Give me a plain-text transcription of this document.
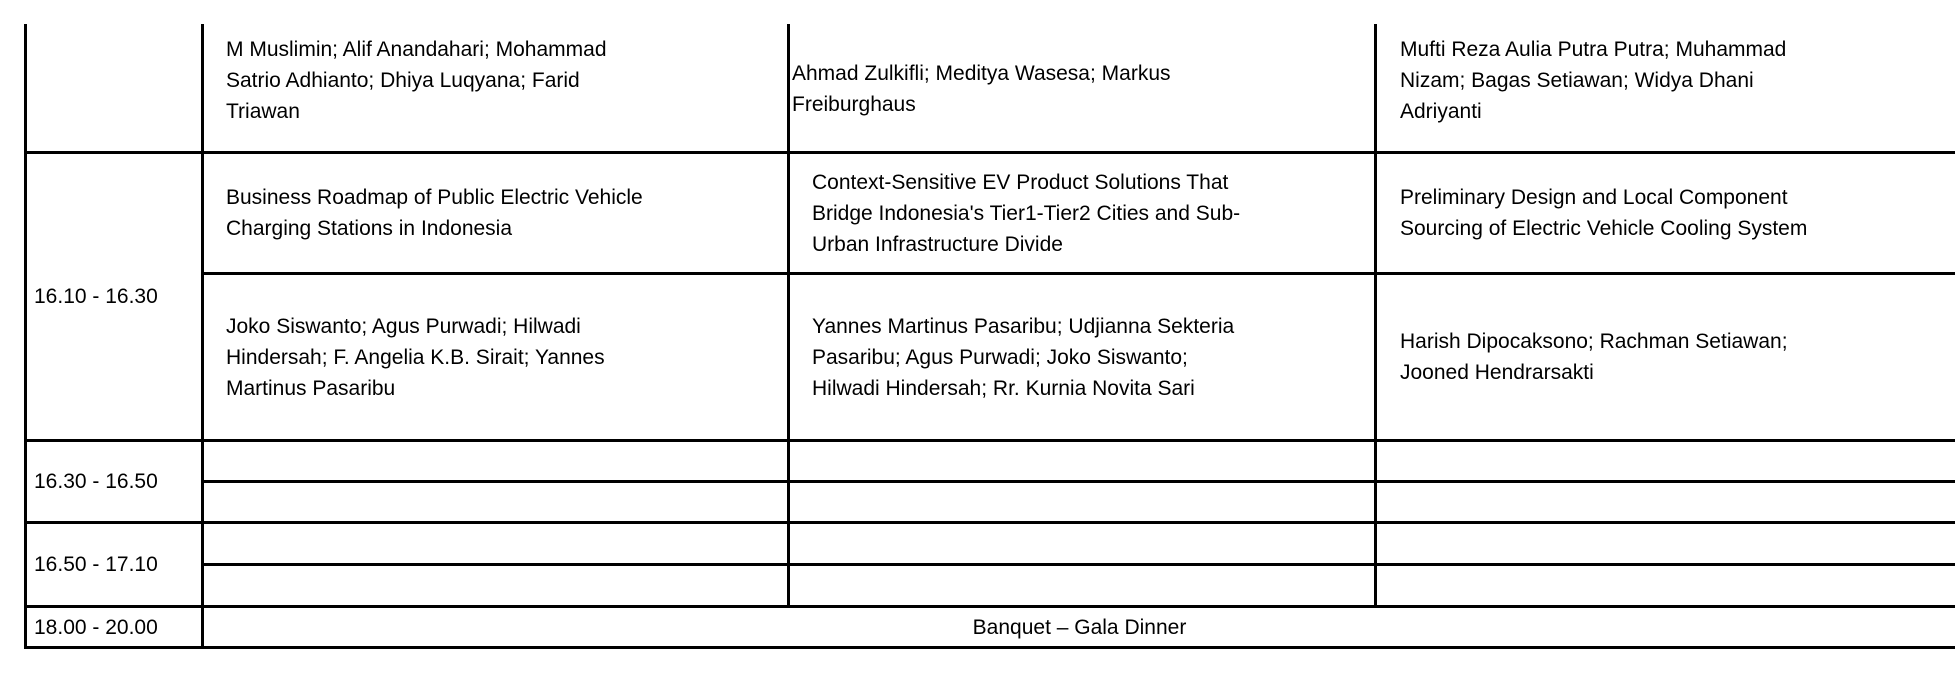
M Muslimin; Alif Anandahari; Mohammad
Satrio Adhianto; Dhiya Luqyana; Farid
Triawan
Ahmad Zulkifli; Meditya Wasesa; Markus
Freiburghaus
Mufti Reza Aulia Putra Putra; Muhammad
Nizam; Bagas Setiawan; Widya Dhani
Adriyanti
16.10 - 16.30
Business Roadmap of Public Electric Vehicle
Charging Stations in Indonesia
Context-Sensitive EV Product Solutions That
Bridge Indonesia's Tier1-Tier2 Cities and Sub-
Urban Infrastructure Divide
Preliminary Design and Local Component
Sourcing of Electric Vehicle Cooling System
Joko Siswanto; Agus Purwadi; Hilwadi
Hindersah; F. Angelia K.B. Sirait; Yannes
Martinus Pasaribu
Yannes Martinus Pasaribu; Udjianna Sekteria
Pasaribu; Agus Purwadi; Joko Siswanto;
Hilwadi Hindersah; Rr. Kurnia Novita Sari
Harish Dipocaksono; Rachman Setiawan;
Jooned Hendrarsakti
16.30 - 16.50
16.50 - 17.10
18.00 - 20.00	Banquet – Gala Dinner
